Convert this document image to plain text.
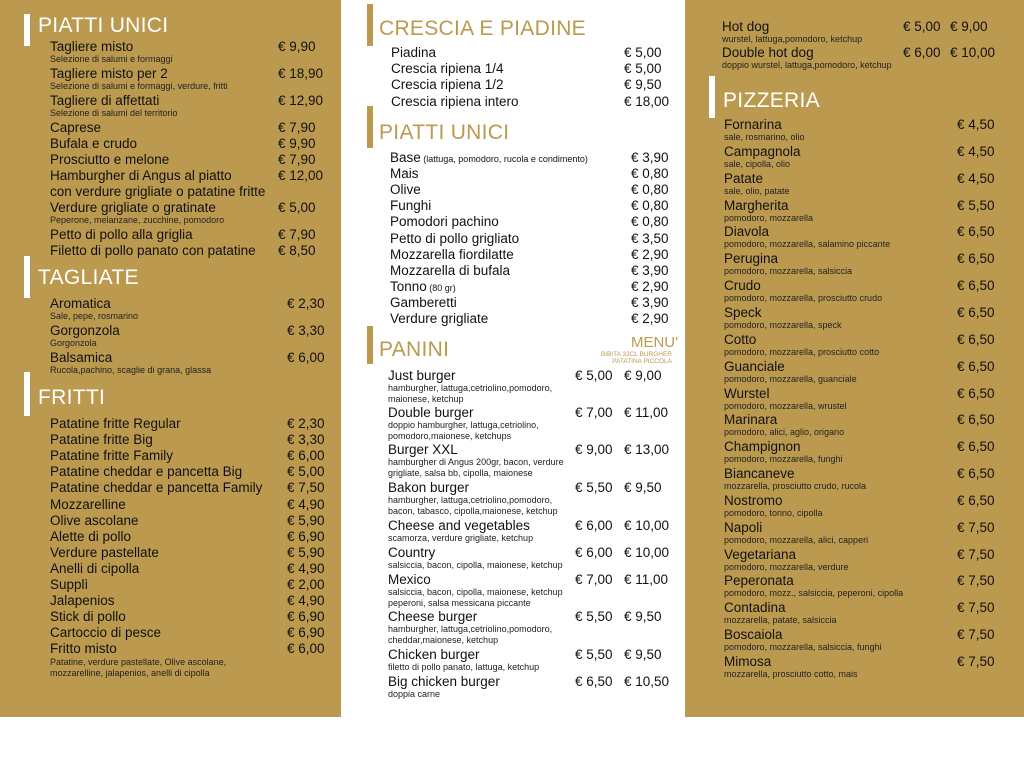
PIATTI UNICI
Tagliere misto	€ 9,90
Selezione di salumi e formaggi
Tagliere misto per 2	€ 18,90
Selezione di salumi e formaggi, verdure, fritti
Tagliere di affettati	€ 12,90
Selezione di salumi del territorio
Caprese	€ 7,90
Bufala e crudo	€ 9,90
Prosciutto e melone	€ 7,90
Hamburgher di Angus al piatto	€ 12,00
con verdure grigliate o patatine fritte
Verdure grigliate o gratinate	€ 5,00
Peperone, melanzane, zucchine, pomodoro
Petto di pollo alla griglia	€ 7,90
Filetto di pollo panato con patatine € 8,50
TAGLIATE
Aromatica	€ 2,30
Sale, pepe, rosmarino
Gorgonzola	€ 3,30
Gorgonzola
Balsamica	€ 6,00
Rucola,pachino, scaglie di grana, glassa
FRITTI
Patatine fritte Regular	€ 2,30
Patatine fritte Big	€ 3,30
Patatine fritte Family	€ 6,00
Patatine cheddar e pancetta Big	€ 5,00
Patatine cheddar e pancetta Family € 7,50
Mozzarelline	€ 4,90
Olive ascolane	€ 5,90
Alette di pollo	€ 6,90
Verdure pastellate	€ 5,90
Anelli di cipolla	€ 4,90
Supplì	€ 2,00
Jalapenios	€ 4,90
Stick di pollo	€ 6,90
Cartoccio di pesce	€ 6,90
Fritto misto	€ 6,00
Patatine, verdure pastellate, Olive ascolane,
mozzarelline, jalapenios, anelli di cipolla
CRESCIA E PIADINE
Piadina	€ 5,00
Crescia ripiena 1/4	€ 5,00
Crescia ripiena 1/2	€ 9,50
Crescia ripiena intero	€ 18,00
PIATTI UNICI
Base (lattuga, pomodoro, rucola e condimento)	€ 3,90
Mais	€ 0,80
Olive	€ 0,80
Funghi	€ 0,80
Pomodori pachino	€ 0,80
Petto di pollo grigliato	€ 3,50
Mozzarella fiordilatte	€ 2,90
Mozzarella di bufala	€ 3,90
Tonno (80 gr)	€ 2,90
Gamberetti	€ 3,90
Verdure grigliate	€ 2,90
PANINI	MENU'
BIBITA 33CL BURGHER
PATATINA PICCOLA
Just burger	€ 5,00 € 9,00
hamburgher, lattuga,cetriolino,pomodoro,
maionese, ketchup
Double burger	€ 7,00 € 11,00
doppio hamburgher, lattuga,cetriolino,
pomodoro,maionese, ketchups
Burger XXL	€ 9,00 € 13,00
hamburgher di Angus 200gr, bacon, verdure
grigliate, salsa bb, cipolla, maionese
Bakon burger	€ 5,50 € 9,50
hamburgher, lattuga,cetriolino,pomodoro,
bacon, tabasco, cipolla,maionese, ketchup
Cheese and vegetables	€ 6,00 € 10,00
scamorza, verdure grigliate, ketchup
Country	€ 6,00 € 10,00
salsiccia, bacon, cipolla, maionese, ketchup
Mexico	€ 7,00 € 11,00
salsiccia, bacon, cipolla, maionese, ketchup
peperoni, salsa messicana piccante
Cheese burger	€ 5,50 € 9,50
hamburgher, lattuga,cetriolino,pomodoro,
cheddar,maionese, ketchup
Chicken burger	€ 5,50 € 9,50
filetto di pollo panato, lattuga, ketchup
Big chicken burger	€ 6,50 € 10,50
doppia carne
Hot dog	€ 5,00 € 9,00
wurstel, lattuga,pomodoro, ketchup
Double hot dog	€ 6,00 € 10,00
doppio wurstel, lattuga,pomodoro, ketchup
PIZZERIA
Fornarina	€ 4,50
sale, rosmarino, olio
Campagnola	€ 4,50
sale, cipolla, olio
Patate	€ 4,50
sale, olio, patate
Margherita	€ 5,50
pomodoro, mozzarella
Diavola	€ 6,50
pomodoro, mozzarella, salamino piccante
Perugina	€ 6,50
pomodoro, mozzarella, salsiccia
Crudo	€ 6,50
pomodoro, mozzarella, prosciutto crudo
Speck	€ 6,50
pomodoro, mozzarella, speck
Cotto	€ 6,50
pomodoro, mozzarella, prosciutto cotto
Guanciale	€ 6,50
pomodoro, mozzarella, guanciale
Wurstel	€ 6,50
pomodoro, mozzarella, wrustel
Marinara	€ 6,50
pomodoro, alici, aglio, origano
Champignon	€ 6,50
pomodoro, mozzarella, funghi
Biancaneve	€ 6,50
mozzarella, prosciutto crudo, rucola
Nostromo	€ 6,50
pomodoro, tonno, cipolla
Napoli	€ 7,50
pomodoro, mozzarella, alici, capperi
Vegetariana	€ 7,50
pomodoro, mozzarella, verdure
Peperonata	€ 7,50
pomodoro, mozz., salsiccia, peperoni, cipolla
Contadina	€ 7,50
mozzarella, patate, salsiccia
Boscaiola	€ 7,50
pomodoro, mozzarella, salsiccia, funghi
Mimosa	€ 7,50
mozzarella, prosciutto cotto, mais
